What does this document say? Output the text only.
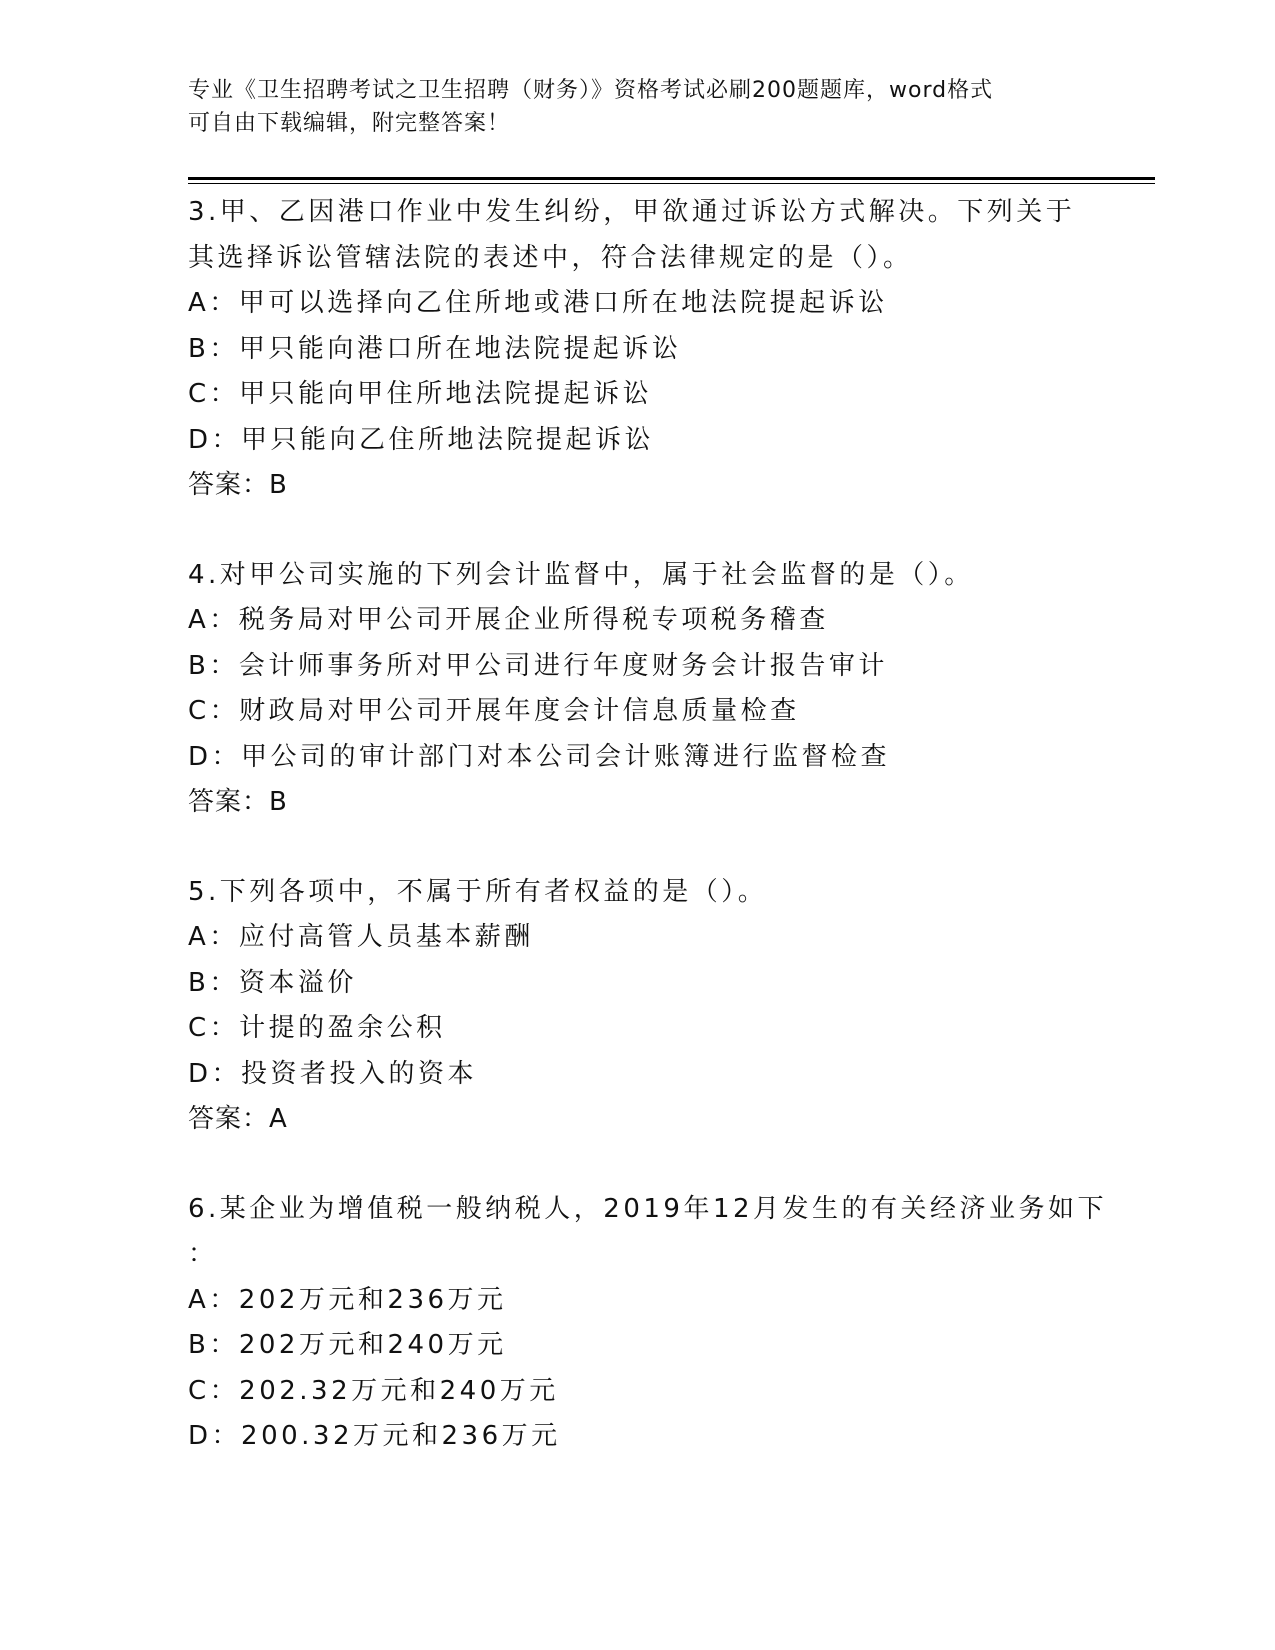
专业《卫生招聘考试之卫生招聘（财务）》资格考试必刷200题题库，word格式
可自由下载编辑，附完整答案！
3.甲、乙因港口作业中发生纠纷，甲欲通过诉讼方式解决。下列关于
其选择诉讼管辖法院的表述中，符合法律规定的是（）。
A：甲可以选择向乙住所地或港口所在地法院提起诉讼
B：甲只能向港口所在地法院提起诉讼
C：甲只能向甲住所地法院提起诉讼
D：甲只能向乙住所地法院提起诉讼
答案：B
4.对甲公司实施的下列会计监督中，属于社会监督的是（）。
A：税务局对甲公司开展企业所得税专项税务稽查
B：会计师事务所对甲公司进行年度财务会计报告审计
C：财政局对甲公司开展年度会计信息质量检查
D：甲公司的审计部门对本公司会计账簿进行监督检查
答案：B
5.下列各项中，不属于所有者权益的是（）。
A：应付高管人员基本薪酬
B：资本溢价
C：计提的盈余公积
D：投资者投入的资本
答案：A
6.某企业为增值税一般纳税人，2019年12月发生的有关经济业务如下
：
A：202万元和236万元
B：202万元和240万元
C：202.32万元和240万元
D：200.32万元和236万元
